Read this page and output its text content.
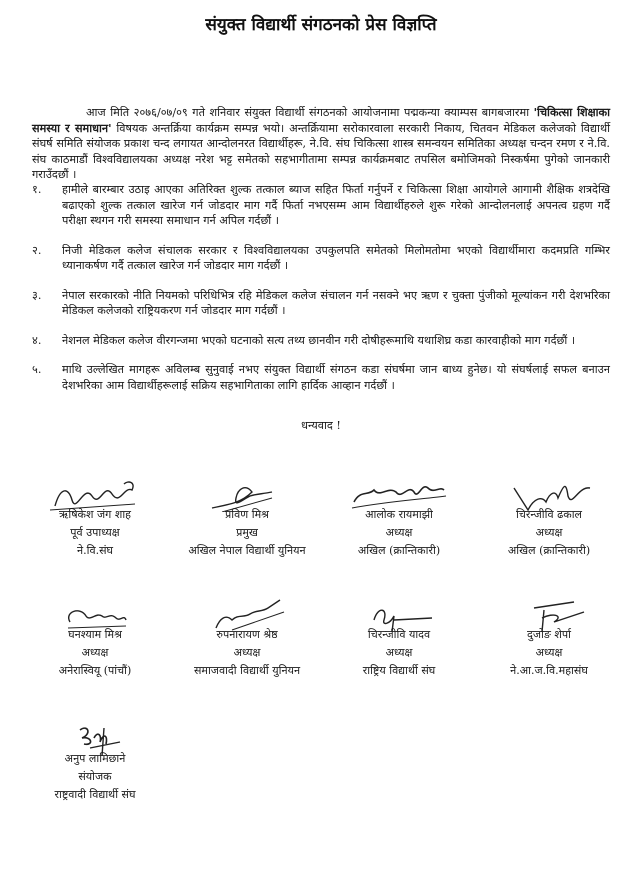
संयुक्त विद्यार्थी संगठनको प्रेस विज्ञप्ति

आज मिति २०७६/०७/०९ गते शनिवार संयुक्त विद्यार्थी संगठनको आयोजनामा पद्मकन्या क्याम्पस बागबजारमा 'चिकित्सा शिक्षाका समस्या र समाधान' विषयक अन्तर्क्रिया कार्यक्रम सम्पन्न भयो। अन्तर्क्रियामा सरोकारवाला सरकारी निकाय, चितवन मेडिकल कलेजको विद्यार्थी संघर्ष समिति संयोजक प्रकाश चन्द लगायत आन्दोलनरत विद्यार्थीहरू, ने.वि. संघ चिकित्सा शास्त्र समन्वयन समितिका अध्यक्ष चन्दन रमण र ने.वि. संघ काठमाडौं विश्वविद्यालयका अध्यक्ष नरेश भट्ट समेतको सहभागीतामा सम्पन्न कार्यक्रमबाट तपसिल बमोजिमको निस्कर्षमा पुगेको जानकारी गराउँदछौं ।

१. हामीले बारम्बार उठाइ आएका अतिरिक्त शुल्क तत्काल ब्याज सहित फिर्ता गर्नुपर्ने र चिकित्सा शिक्षा आयोगले आगामी शैक्षिक शत्रदेखि बढाएको शुल्क तत्काल खारेज गर्न जोडदार माग गर्दै फिर्ता नभएसम्म आम विद्यार्थीहरुले शुरू गरेको आन्दोलनलाई अपनत्व ग्रहण गर्दै परीक्षा स्थगन गरी समस्या समाधान गर्न अपिल गर्दछौं ।
२. निजी मेडिकल कलेज संचालक सरकार र विश्वविद्यालयका उपकुलपति समेतको मिलोमतोमा भएको विद्यार्थीमारा कदमप्रति गम्भिर ध्यानाकर्षण गर्दै तत्काल खारेज गर्न जोडदार माग गर्दछौं ।
३. नेपाल सरकारको नीति नियमको परिधिभित्र रहि मेडिकल कलेज संचालन गर्न नसक्ने भए ऋण र चुक्ता पुंजीको मूल्यांकन गरी देशभरिका मेडिकल कलेजको राष्ट्रियकरण गर्न जोडदार माग गर्दछौं ।
४. नेशनल मेडिकल कलेज वीरगन्जमा भएको घटनाको सत्य तथ्य छानवीन गरी दोषीहरूमाथि यथाशिघ्र कडा कारवाहीको माग गर्दछौं ।
५. माथि उल्लेखित मागहरू अविलम्ब सुनुवाई नभए संयुक्त विद्यार्थी संगठन कडा संघर्षमा जान बाध्य हुनेछ। यो संघर्षलाई सफल बनाउन देशभरिका आम विद्यार्थीहरूलाई सक्रिय सहभागिताका लागि हार्दिक आव्हान गर्दछौं ।
धन्यवाद !
ऋषिकेश जंग शाह
पूर्व उपाध्यक्ष
ने.वि.संघ
प्रविण मिश्र
प्रमुख
अखिल नेपाल विद्यार्थी युनियन
आलोक रायमाझी
अध्यक्ष
अखिल (क्रान्तिकारी)
चिरन्जीवि ढकाल
अध्यक्ष
अखिल (क्रान्तिकारी)
घनश्याम मिश्र
अध्यक्ष
अनेरास्वियू (पांचौं)
रुपनारायण श्रेष्ठ
अध्यक्ष
समाजवादी विद्यार्थी युनियन
चिरन्जीवि यादव
अध्यक्ष
राष्ट्रिय विद्यार्थी संघ
दुजोङ शेर्पा
अध्यक्ष
ने.आ.ज.वि.महासंघ
अनुप लामिछाने
संयोजक
राष्ट्रवादी विद्यार्थी संघ
